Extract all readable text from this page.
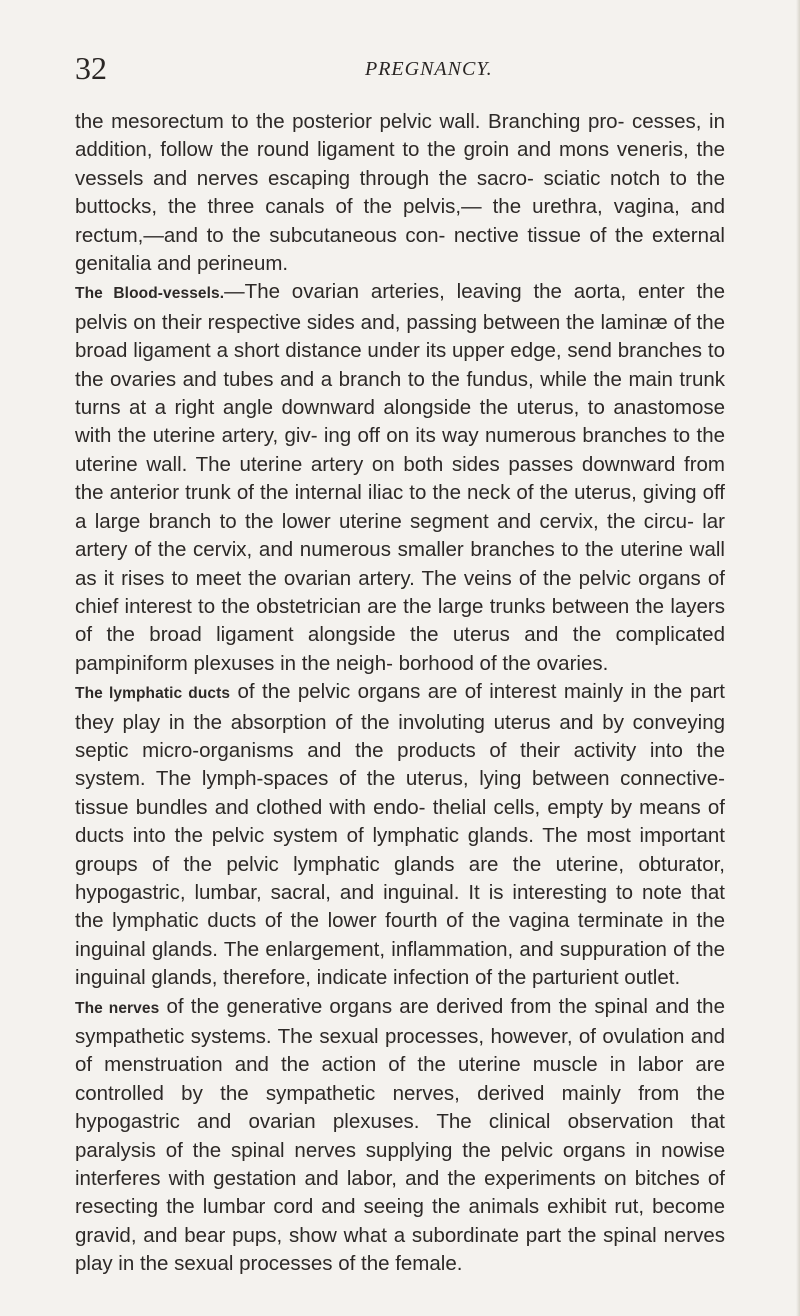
32	PREGNANCY.

the mesorectum to the posterior pelvic wall. Branching pro- cesses, in addition, follow the round ligament to the groin and mons veneris, the vessels and nerves escaping through the sacro- sciatic notch to the buttocks, the three canals of the pelvis,— the urethra, vagina, and rectum,—and to the subcutaneous con- nective tissue of the external genitalia and perineum.

The Blood-vessels.—The ovarian arteries, leaving the aorta, enter the pelvis on their respective sides and, passing between the laminæ of the broad ligament a short distance under its upper edge, send branches to the ovaries and tubes and a branch to the fundus, while the main trunk turns at a right angle downward alongside the uterus, to anastomose with the uterine artery, giv- ing off on its way numerous branches to the uterine wall. The uterine artery on both sides passes downward from the anterior trunk of the internal iliac to the neck of the uterus, giving off a large branch to the lower uterine segment and cervix, the circu- lar artery of the cervix, and numerous smaller branches to the uterine wall as it rises to meet the ovarian artery. The veins of the pelvic organs of chief interest to the obstetrician are the large trunks between the layers of the broad ligament alongside the uterus and the complicated pampiniform plexuses in the neigh- borhood of the ovaries.

The lymphatic ducts of the pelvic organs are of interest mainly in the part they play in the absorption of the involuting uterus and by conveying septic micro-organisms and the products of their activity into the system. The lymph-spaces of the uterus, lying between connective-tissue bundles and clothed with endo- thelial cells, empty by means of ducts into the pelvic system of lymphatic glands. The most important groups of the pelvic lymphatic glands are the uterine, obturator, hypogastric, lumbar, sacral, and inguinal. It is interesting to note that the lymphatic ducts of the lower fourth of the vagina terminate in the inguinal glands. The enlargement, inflammation, and suppuration of the inguinal glands, therefore, indicate infection of the parturient outlet.

The nerves of the generative organs are derived from the spinal and the sympathetic systems. The sexual processes, however, of ovulation and of menstruation and the action of the uterine muscle in labor are controlled by the sympathetic nerves, derived mainly from the hypogastric and ovarian plexuses. The clinical observation that paralysis of the spinal nerves supplying the pelvic organs in nowise interferes with gestation and labor, and the experiments on bitches of resecting the lumbar cord and seeing the animals exhibit rut, become gravid, and bear pups, show what a subordinate part the spinal nerves play in the sexual processes of the female.
